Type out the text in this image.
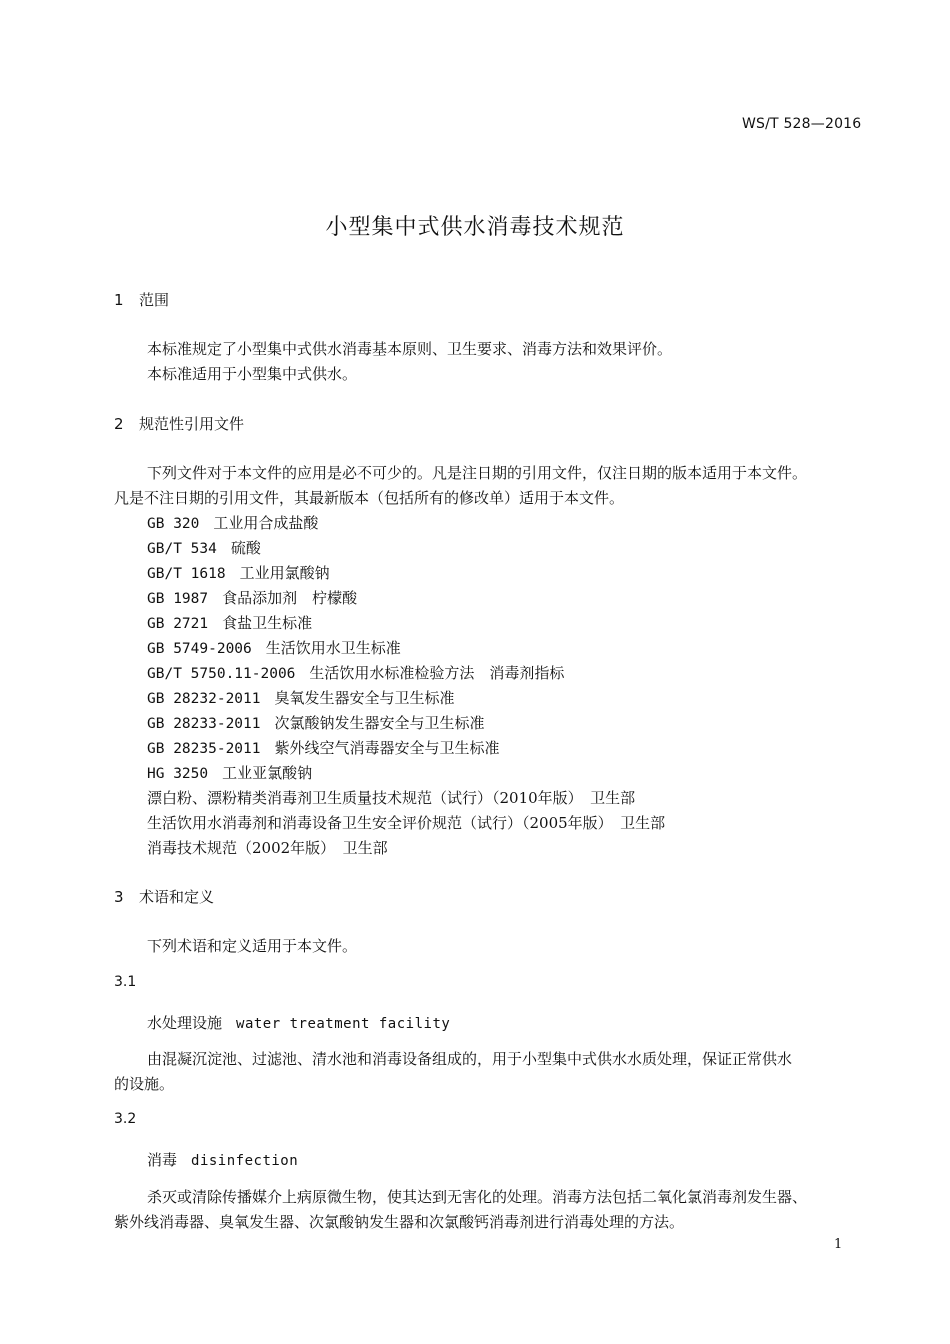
WS/T 528—2016
小型集中式供水消毒技术规范
1 范围
本标准规定了小型集中式供水消毒基本原则、卫生要求、消毒方法和效果评价。
本标准适用于小型集中式供水。
2 规范性引用文件
下列文件对于本文件的应用是必不可少的。凡是注日期的引用文件，仅注日期的版本适用于本文件。
凡是不注日期的引用文件，其最新版本（包括所有的修改单）适用于本文件。
GB 320 工业用合成盐酸
GB/T 534 硫酸
GB/T 1618 工业用氯酸钠
GB 1987 食品添加剂　柠檬酸
GB 2721 食盐卫生标准
GB 5749-2006 生活饮用水卫生标准
GB/T 5750.11-2006 生活饮用水标准检验方法　消毒剂指标
GB 28232-2011 臭氧发生器安全与卫生标准
GB 28233-2011 次氯酸钠发生器安全与卫生标准
GB 28235-2011 紫外线空气消毒器安全与卫生标准
HG 3250 工业亚氯酸钠
漂白粉、漂粉精类消毒剂卫生质量技术规范（试行）（2010年版）　卫生部
生活饮用水消毒剂和消毒设备卫生安全评价规范（试行）（2005年版）　卫生部
消毒技术规范（2002年版）　卫生部
3 术语和定义
下列术语和定义适用于本文件。
3.1
水处理设施 water treatment facility
由混凝沉淀池、过滤池、清水池和消毒设备组成的，用于小型集中式供水水质处理，保证正常供水
的设施。
3.2
消毒 disinfection
杀灭或清除传播媒介上病原微生物，使其达到无害化的处理。消毒方法包括二氧化氯消毒剂发生器、
紫外线消毒器、臭氧发生器、次氯酸钠发生器和次氯酸钙消毒剂进行消毒处理的方法。
1
